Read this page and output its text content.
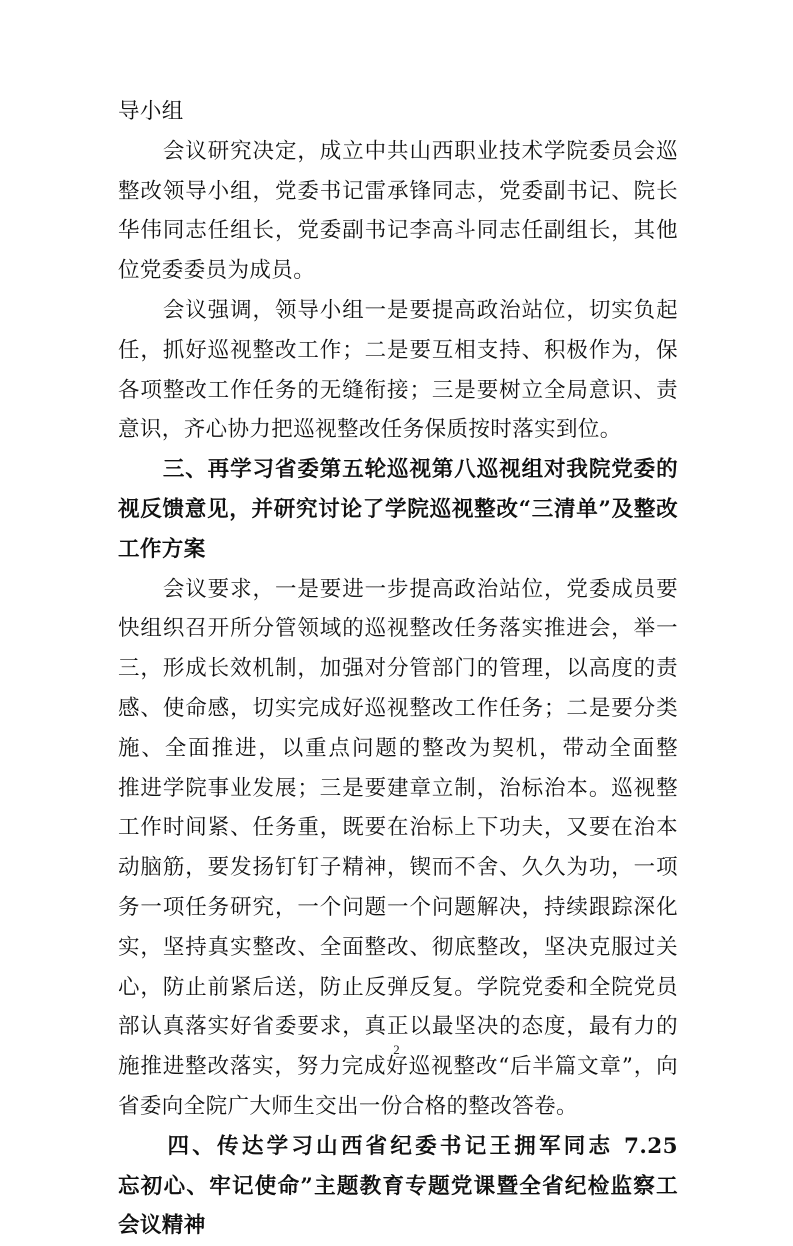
导小组
　　会议研究决定，成立中共山西职业技术学院委员会巡
整改领导小组，党委书记雷承锋同志，党委副书记、院长
华伟同志任组长，党委副书记李高斗同志任副组长，其他
位党委委员为成员。
　　会议强调，领导小组一是要提高政治站位，切实负起
任，抓好巡视整改工作；二是要互相支持、积极作为，保
各项整改工作任务的无缝衔接；三是要树立全局意识、责
意识，齐心协力把巡视整改任务保质按时落实到位。
　　三、再学习省委第五轮巡视第八巡视组对我院党委的
视反馈意见，并研究讨论了学院巡视整改“三清单”及整改
工作方案
　　会议要求，一是要进一步提高政治站位，党委成员要
快组织召开所分管领域的巡视整改任务落实推进会，举一
三，形成长效机制，加强对分管部门的管理，以高度的责
感、使命感，切实完成好巡视整改工作任务；二是要分类
施、全面推进，以重点问题的整改为契机，带动全面整
推进学院事业发展；三是要建章立制，治标治本。巡视整
工作时间紧、任务重，既要在治标上下功夫，又要在治本
动脑筋，要发扬钉钉子精神，锲而不舍、久久为功，一项
务一项任务研究，一个问题一个问题解决，持续跟踪深化
实，坚持真实整改、全面整改、彻底整改，坚决克服过关
心，防止前紧后送，防止反弹反复。学院党委和全院党员
部认真落实好省委要求，真正以最坚决的态度，最有力的
施推进整改落实，努力完成好巡视整改“后半篇文章”，向
省委向全院广大师生交出一份合格的整改答卷。
　　四、传达学习山西省纪委书记王拥军同志 7.25
忘初心、牢记使命”主题教育专题党课暨全省纪检监察工
会议精神
2
